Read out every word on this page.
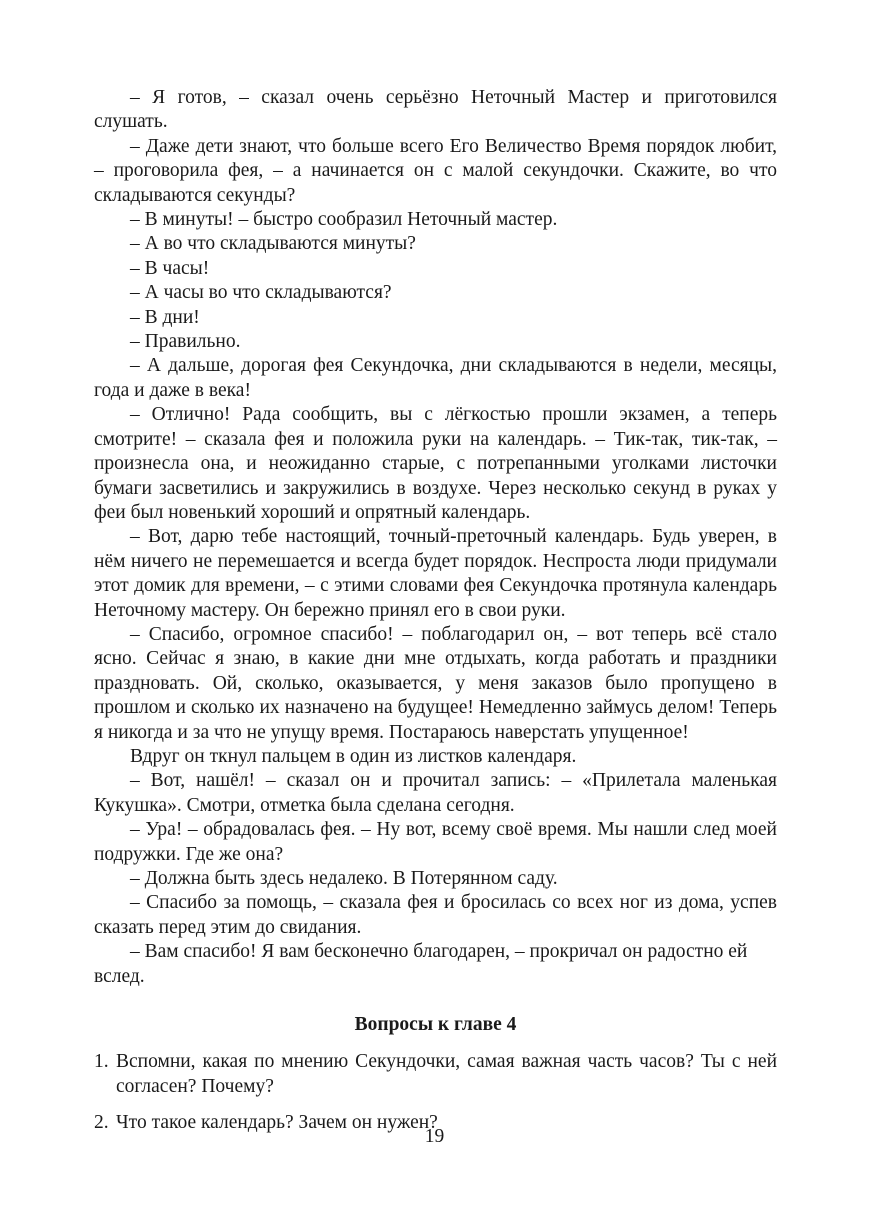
– Я готов, – сказал очень серьёзно Неточный Мастер и приготовился слушать.

– Даже дети знают, что больше всего Его Величество Время порядок любит, – проговорила фея, – а начинается он с малой секундочки. Скажите, во что складываются секунды?

– В минуты! – быстро сообразил Неточный мастер.

– А во что складываются минуты?

– В часы!

– А часы во что складываются?

– В дни!

– Правильно.

– А дальше, дорогая фея Секундочка, дни складываются в недели, месяцы, года и даже в века!

– Отлично! Рада сообщить, вы с лёгкостью прошли экзамен, а теперь смотрите! – сказала фея и положила руки на календарь. – Тик-так, тик-так, – произнесла она, и неожиданно старые, с потрепанными уголками листочки бумаги засветились и закружились в воздухе. Через несколько секунд в руках у феи был новенький хороший и опрятный календарь.

– Вот, дарю тебе настоящий, точный-преточный календарь. Будь уверен, в нём ничего не перемешается и всегда будет порядок. Неспроста люди придумали этот домик для времени, – с этими словами фея Секундочка протянула календарь Неточному мастеру. Он бережно принял его в свои руки.

– Спасибо, огромное спасибо! – поблагодарил он, – вот теперь всё стало ясно. Сейчас я знаю, в какие дни мне отдыхать, когда работать и праздники праздновать. Ой, сколько, оказывается, у меня заказов было пропущено в прошлом и сколько их назначено на будущее! Немедленно займусь делом! Теперь я никогда и за что не упущу время. Постараюсь наверстать упущенное!

Вдруг он ткнул пальцем в один из листков календаря.

– Вот, нашёл! – сказал он и прочитал запись: – «Прилетала маленькая Кукушка». Смотри, отметка была сделана сегодня.

– Ура! – обрадовалась фея. – Ну вот, всему своё время. Мы нашли след моей подружки. Где же она?

– Должна быть здесь недалеко. В Потерянном саду.

– Спасибо за помощь, – сказала фея и бросилась со всех ног из дома, успев сказать перед этим до свидания.

– Вам спасибо! Я вам бесконечно благодарен, – прокричал он радостно ей вслед.

Вопросы к главе 4
1. Вспомни, какая по мнению Секундочки, самая важная часть часов? Ты с ней согласен? Почему?
2. Что такое календарь? Зачем он нужен?
19
